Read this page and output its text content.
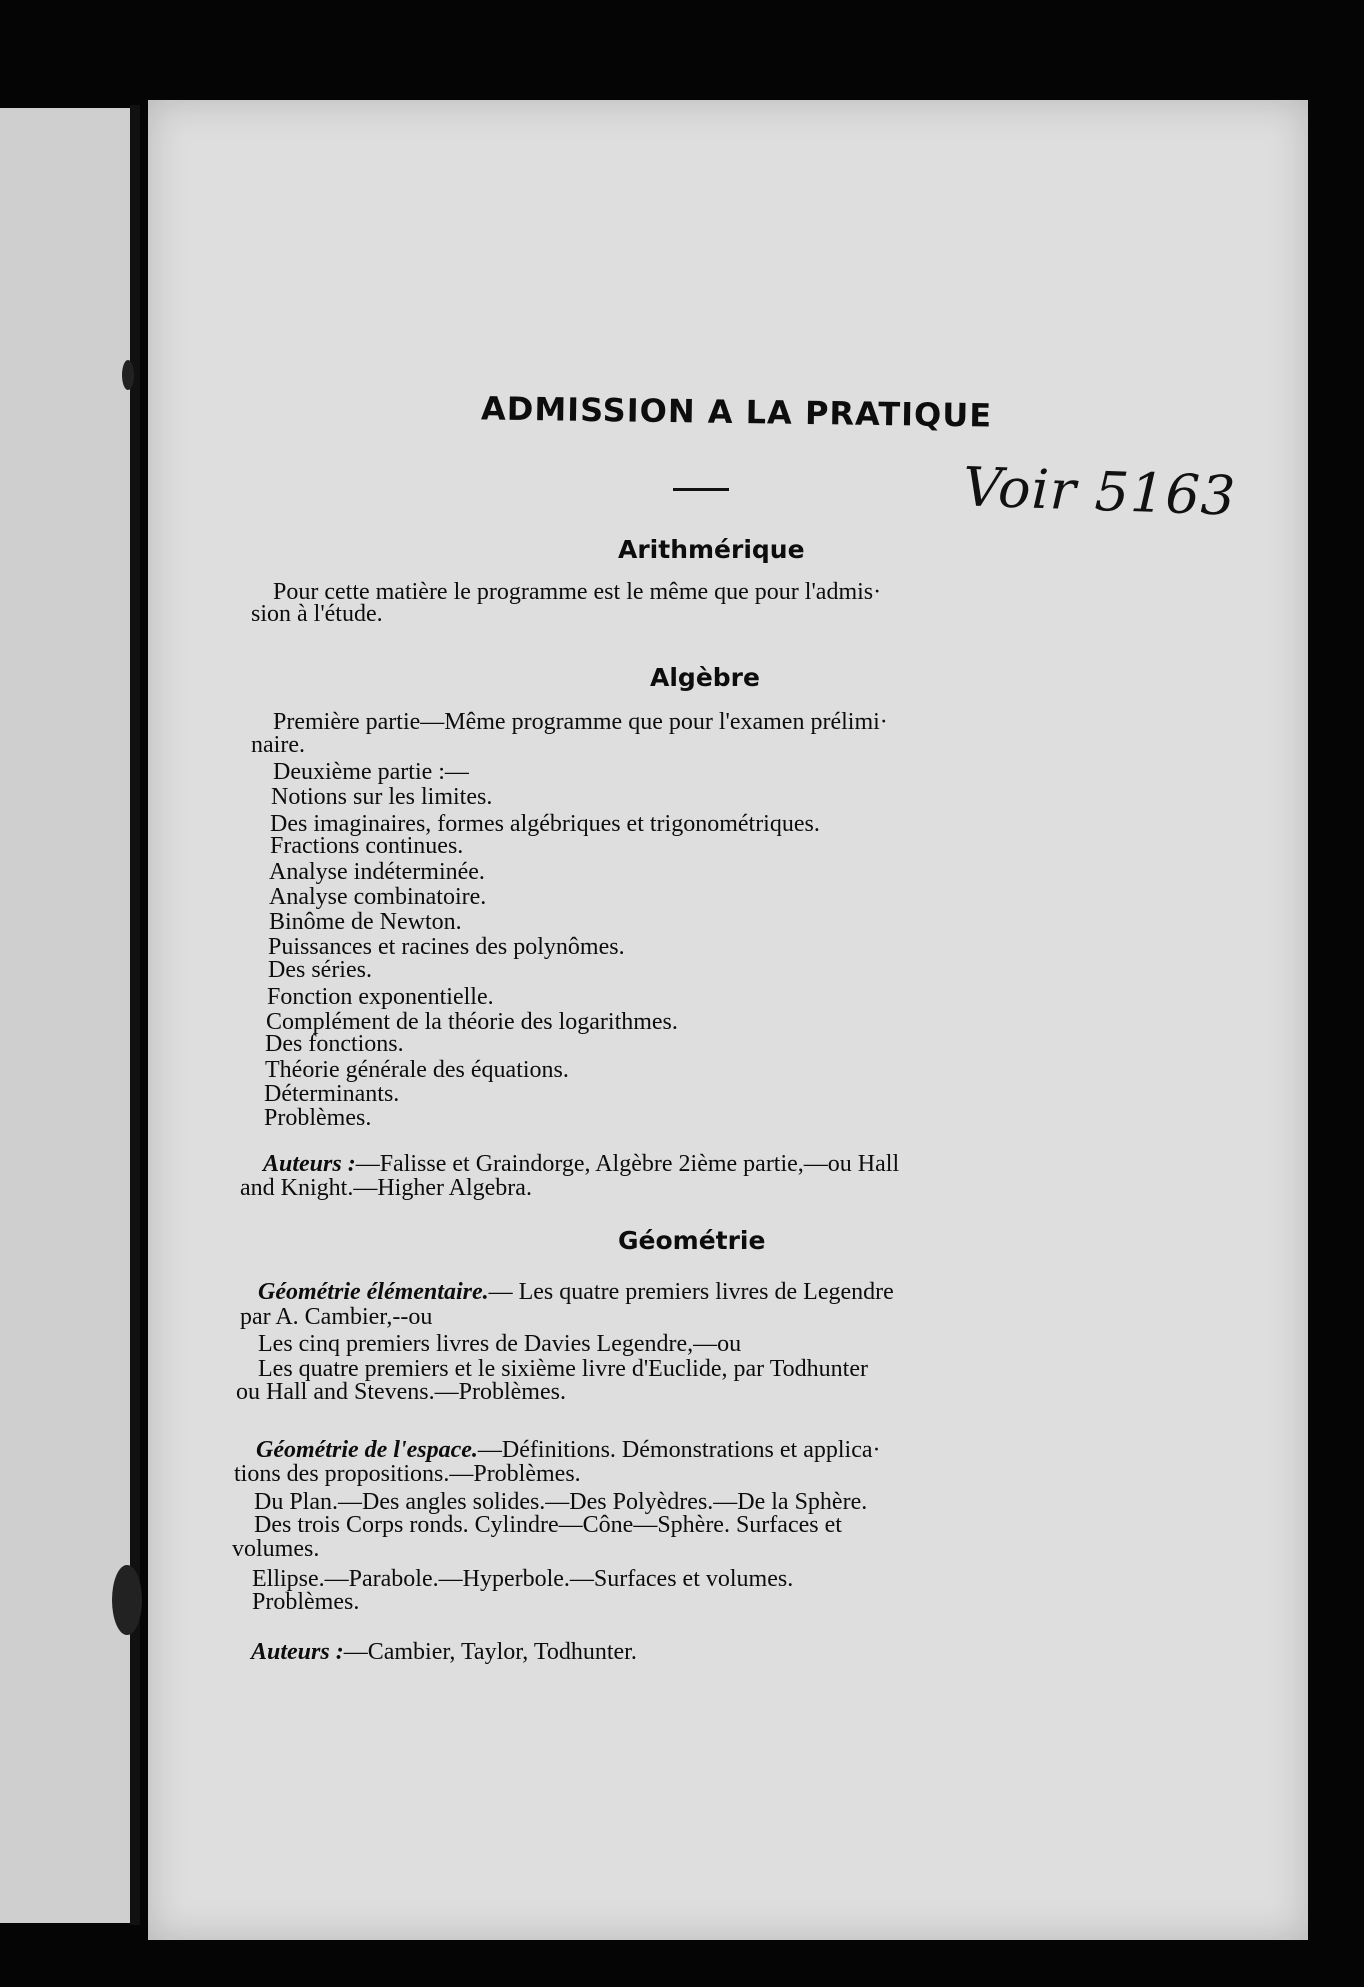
ADMISSION A LA PRATIQUE
Voir 5163
Arithmérique
Pour cette matière le programme est le même que pour l'admis·
sion à l'étude.
Algèbre
Première partie—Même programme que pour l'examen prélimi·
naire.
Deuxième partie :—
Notions sur les limites.
Des imaginaires, formes algébriques et trigonométriques.
Fractions continues.
Analyse indéterminée.
Analyse combinatoire.
Binôme de Newton.
Puissances et racines des polynômes.
Des séries.
Fonction exponentielle.
Complément de la théorie des logarithmes.
Des fonctions.
Théorie générale des équations.
Déterminants.
Problèmes.
Auteurs :—Falisse et Graindorge, Algèbre 2ième partie,—ou Hall
and Knight.—Higher Algebra.
Géométrie
Géométrie élémentaire.— Les quatre premiers livres de Legendre
par A. Cambier,--ou
Les cinq premiers livres de Davies Legendre,—ou
Les quatre premiers et le sixième livre d'Euclide, par Todhunter
ou Hall and Stevens.—Problèmes.
Géométrie de l'espace.—Définitions. Démonstrations et applica·
tions des propositions.—Problèmes.
Du Plan.—Des angles solides.—Des Polyèdres.—De la Sphère.
Des trois Corps ronds. Cylindre—Cône—Sphère. Surfaces et
volumes.
Ellipse.—Parabole.—Hyperbole.—Surfaces et volumes.
Problèmes.
Auteurs :—Cambier, Taylor, Todhunter.
